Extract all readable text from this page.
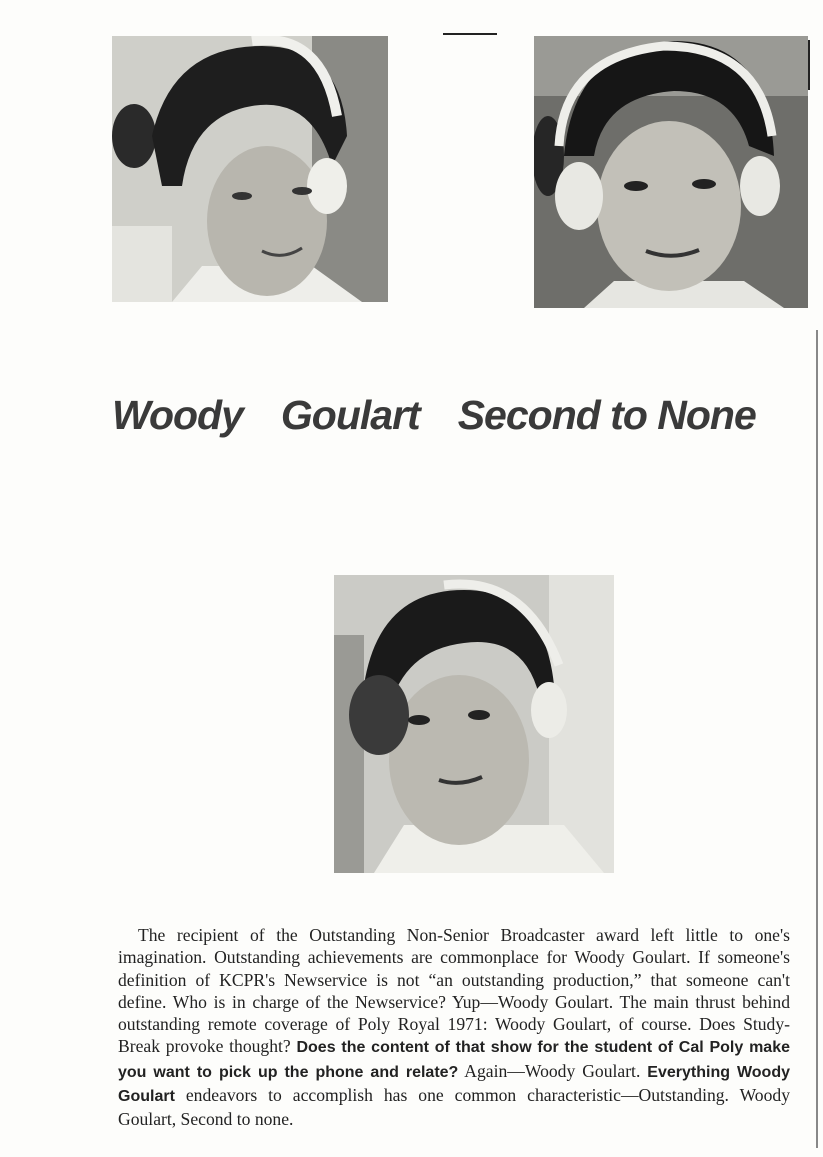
Woody Goulart Second to None
The recipient of the Outstanding Non-Senior Broadcaster award left little to one's imagination. Outstanding achievements are commonplace for Woody Goulart. If someone's definition of KCPR's Newservice is not “an outstanding production,” that someone can't define. Who is in charge of the Newservice? Yup—Woody Goulart. The main thrust behind outstanding remote coverage of Poly Royal 1971: Woody Goulart, of course. Does Study-Break provoke thought? Does the content of that show for the student of Cal Poly make you want to pick up the phone and relate? Again—Woody Goulart. Everything Woody Goulart endeavors to accomplish has one common characteristic—Outstanding. Woody Goulart, Second to none.
